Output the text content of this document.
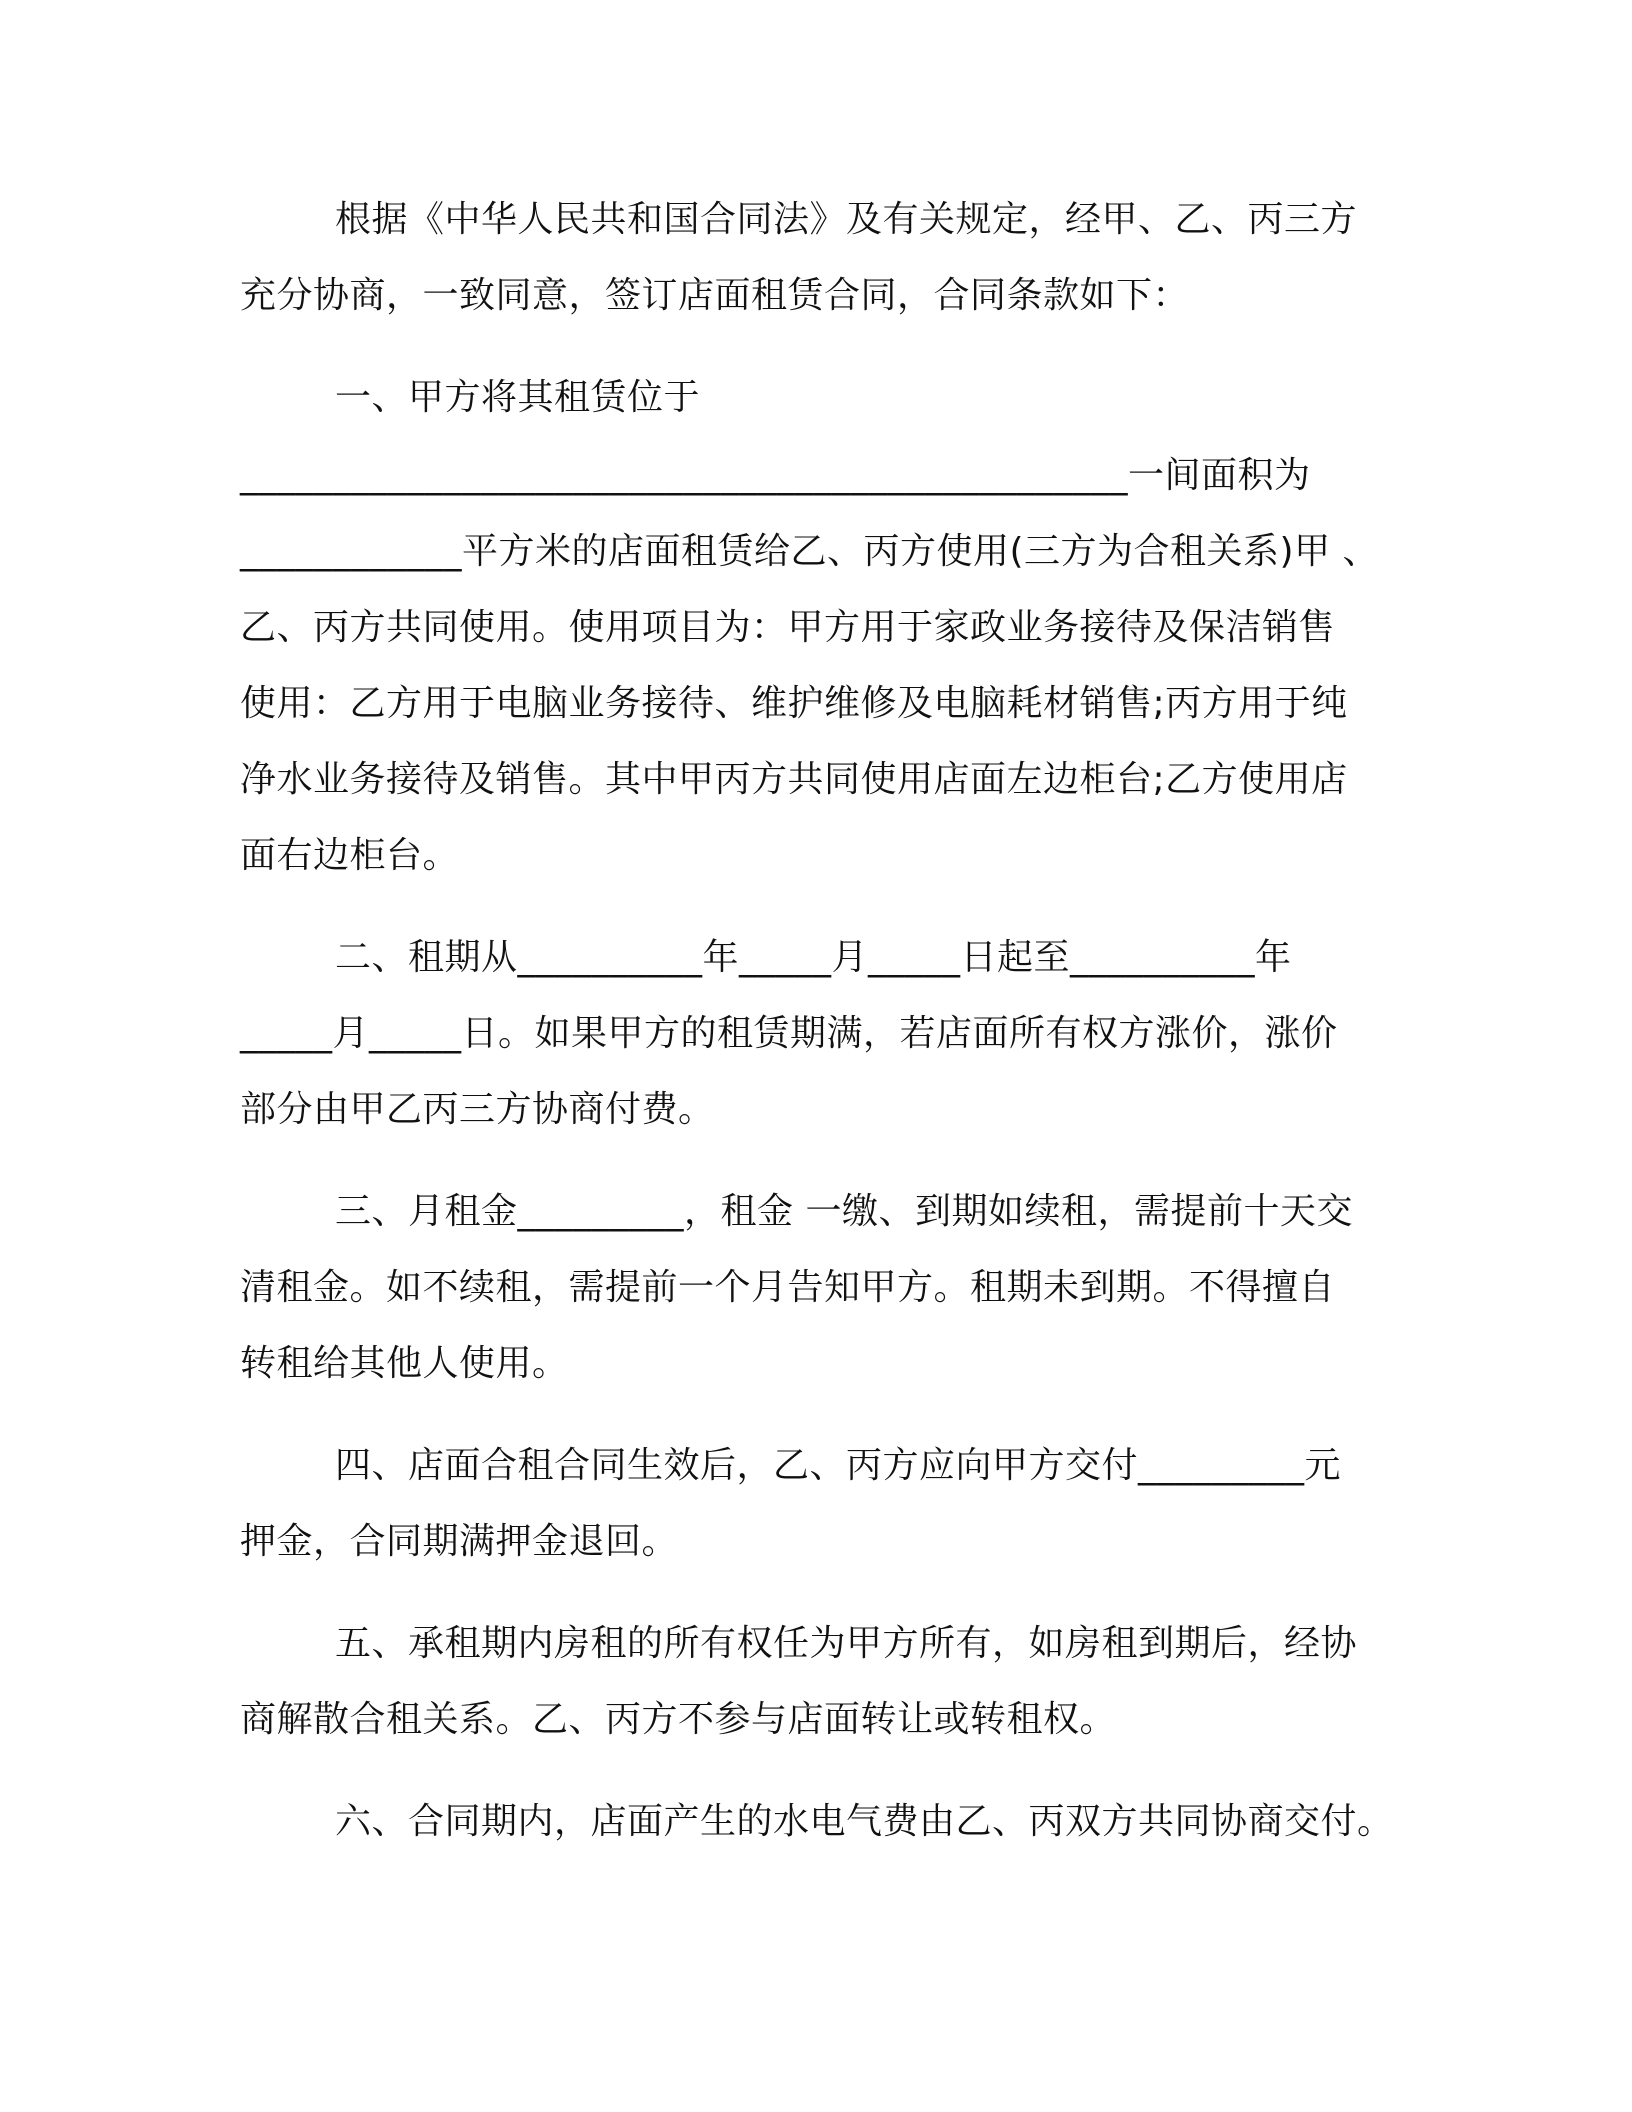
根据《中华人民共和国合同法》及有关规定，经甲、乙、丙三方
充分协商，一致同意，签订店面租赁合同，合同条款如下：
一、甲方将其租赁位于
________________________________________________一间面积为
____________平方米的店面租赁给乙、丙方使用(三方为合租关系)甲 、
乙、丙方共同使用。使用项目为：甲方用于家政业务接待及保洁销售
使用：乙方用于电脑业务接待、维护维修及电脑耗材销售;丙方用于纯
净水业务接待及销售。其中甲丙方共同使用店面左边柜台;乙方使用店
面右边柜台。
二、租期从__________年_____月_____日起至__________年
_____月_____日。如果甲方的租赁期满，若店面所有权方涨价，涨价
部分由甲乙丙三方协商付费。
三、月租金_________，租金 一缴、到期如续租，需提前十天交
清租金。如不续租，需提前一个月告知甲方。租期未到期。不得擅自
转租给其他人使用。
四、店面合租合同生效后，乙、丙方应向甲方交付_________元
押金，合同期满押金退回。
五、承租期内房租的所有权任为甲方所有，如房租到期后，经协
商解散合租关系。乙、丙方不参与店面转让或转租权。
六、合同期内，店面产生的水电气费由乙、丙双方共同协商交付。
